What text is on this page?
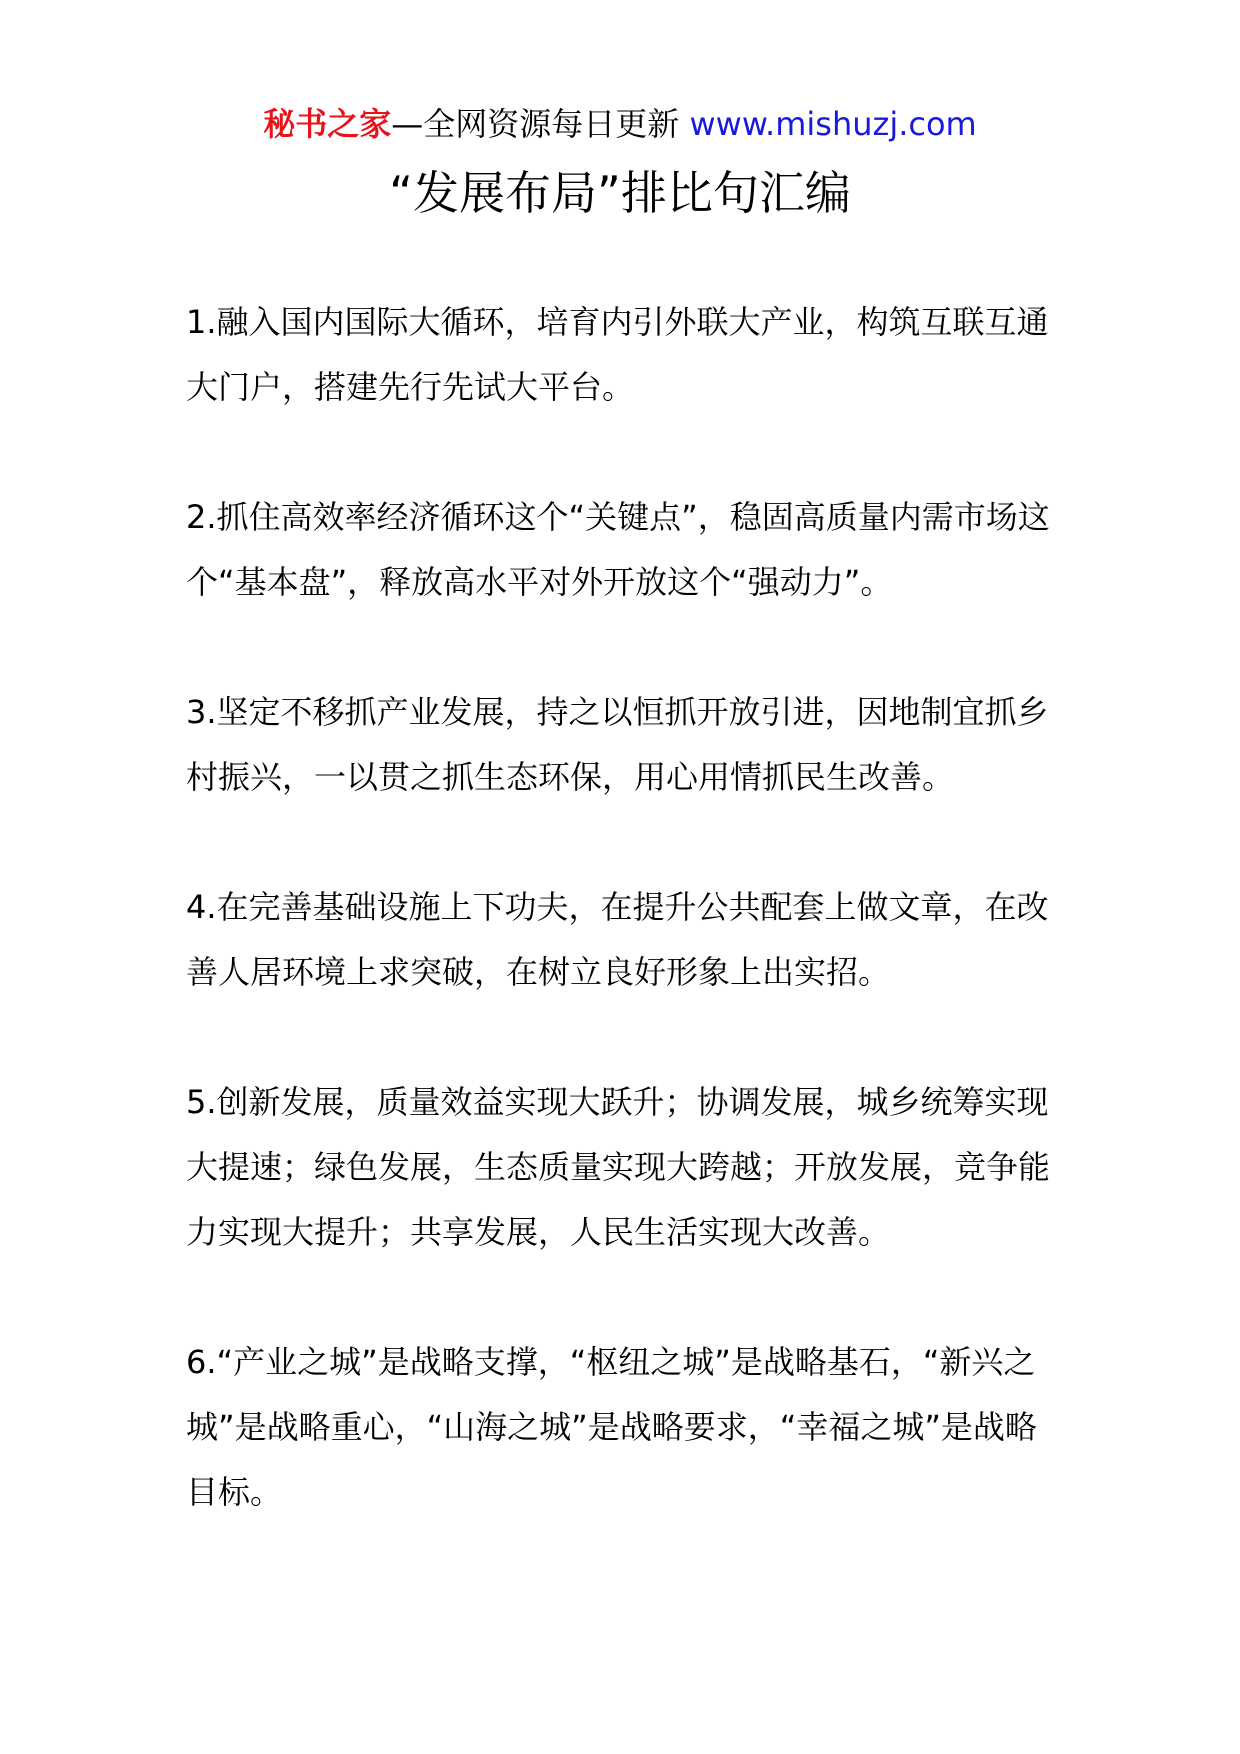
秘书之家—全网资源每日更新 www.mishuzj.com
“发展布局”排比句汇编

1.融入国内国际大循环，培育内引外联大产业，构筑互联互通大门户，搭建先行先试大平台。

2.抓住高效率经济循环这个“关键点”，稳固高质量内需市场这个“基本盘”，释放高水平对外开放这个“强动力”。

3.坚定不移抓产业发展，持之以恒抓开放引进，因地制宜抓乡村振兴，一以贯之抓生态环保，用心用情抓民生改善。

4.在完善基础设施上下功夫，在提升公共配套上做文章，在改善人居环境上求突破，在树立良好形象上出实招。

5.创新发展，质量效益实现大跃升；协调发展，城乡统筹实现大提速；绿色发展，生态质量实现大跨越；开放发展，竞争能力实现大提升；共享发展，人民生活实现大改善。

6.“产业之城”是战略支撑，“枢纽之城”是战略基石，“新兴之城”是战略重心，“山海之城”是战略要求，“幸福之城”是战略目标。
